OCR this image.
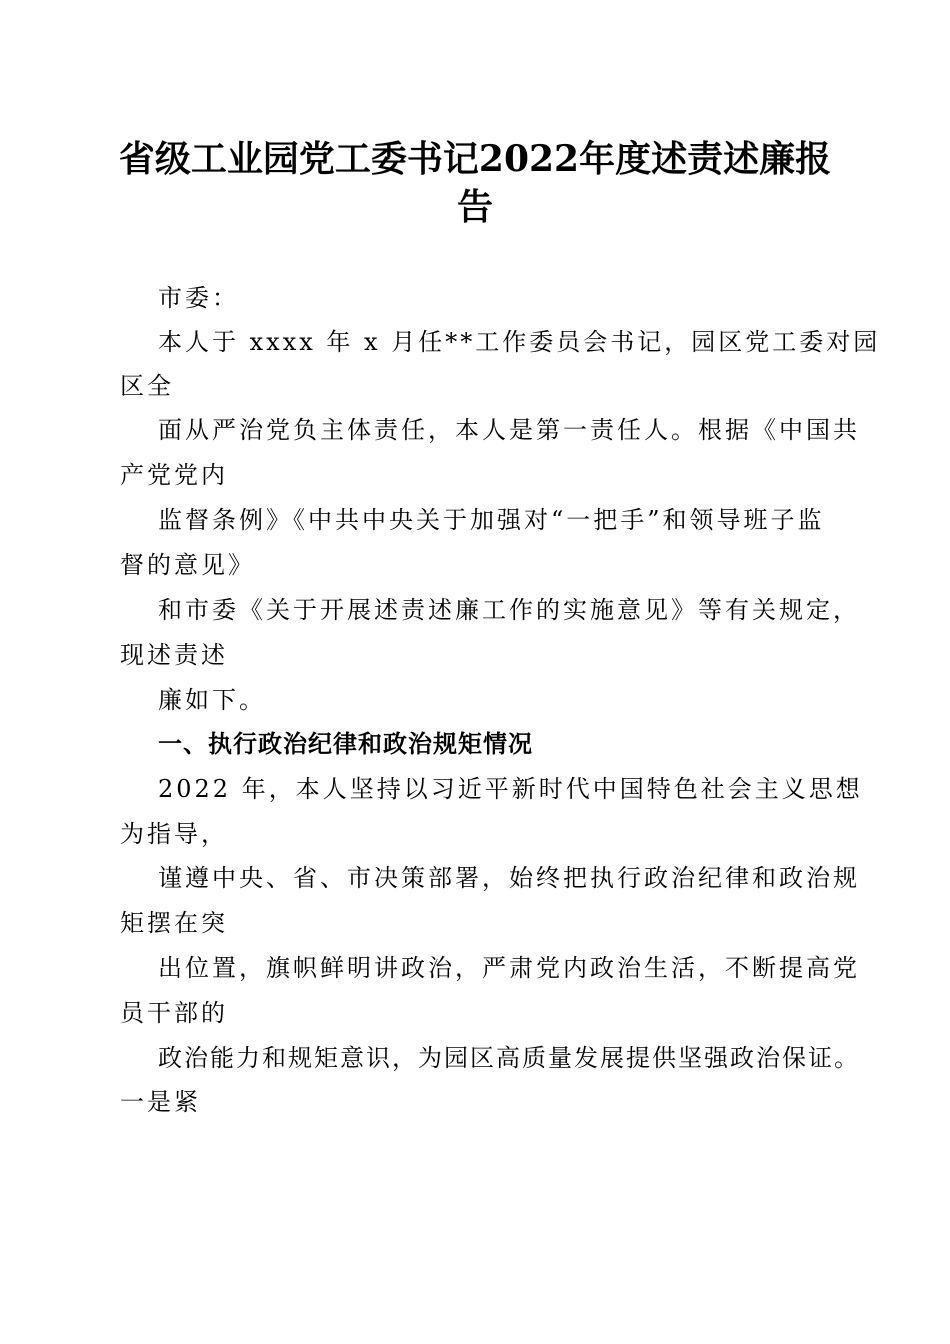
省级工业园党工委书记2022年度述责述廉报
告
市委：
本人于 xxxx 年 x 月任**工作委员会书记，园区党工委对园
区全
面从严治党负主体责任，本人是第一责任人。根据《中国共
产党党内
监督条例》《中共中央关于加强对“一把手”和领导班子监
督的意见》
和市委《关于开展述责述廉工作的实施意见》等有关规定，
现述责述
廉如下。
一、执行政治纪律和政治规矩情况
2022 年，本人坚持以习近平新时代中国特色社会主义思想
为指导，
谨遵中央、省、市决策部署，始终把执行政治纪律和政治规
矩摆在突
出位置，旗帜鲜明讲政治，严肃党内政治生活，不断提高党
员干部的
政治能力和规矩意识，为园区高质量发展提供坚强政治保证。
一是紧
